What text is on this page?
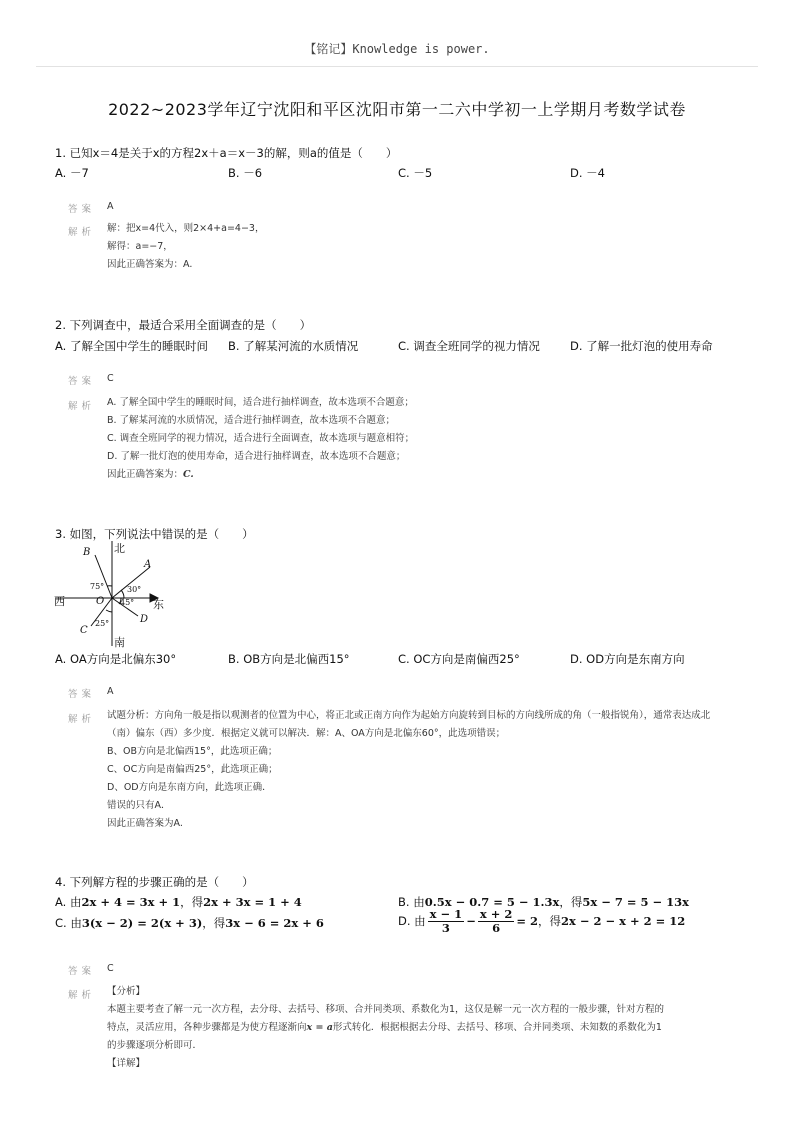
【铭记】Knowledge is power.
2022~2023学年辽宁沈阳和平区沈阳市第一二六中学初一上学期月考数学试卷
1. 已知x＝4是关于x的方程2x＋a＝x－3的解，则a的值是（　　）
A. －7	B. －6	C. －5	D. －4
答案 A
解析 解：把x=4代入，则2×4+a=4−3，
解得：a=−7，
因此正确答案为：A.
2. 下列调查中，最适合采用全面调查的是（　　）
A. 了解全国中学生的睡眠时间 B. 了解某河流的水质情况	C. 调查全班同学的视力情况	D. 了解一批灯泡的使用寿命
答案 C
解析 A. 了解全国中学生的睡眠时间，适合进行抽样调查，故本选项不合题意；
B. 了解某河流的水质情况，适合进行抽样调查，故本选项不合题意；
C. 调查全班同学的视力情况，适合进行全面调查，故本选项与题意相符；
D. 了解一批灯泡的使用寿命，适合进行抽样调查，故本选项不合题意；
因此正确答案为：C.
3. 如图，下列说法中错误的是（　　）
北
南
西	东
O
A
B
C
D
75°	30°
45°
25°
A. OA方向是北偏东30°	B. OB方向是北偏西15°	C. OC方向是南偏西25°	D. OD方向是东南方向
答案 A
解析 试题分析：方向角一般是指以观测者的位置为中心，将正北或正南方向作为起始方向旋转到目标的方向线所成的角（一般指锐角），通常表达成北（南）偏东（西）多少度．根据定义就可以解决．解：A、OA方向是北偏东60°，此选项错误；
B、OB方向是北偏西15°，此选项正确；
C、OC方向是南偏西25°，此选项正确；
D、OD方向是东南方向，此选项正确．
错误的只有A．
因此正确答案为A.
4. 下列解方程的步骤正确的是（　　）
A. 由2x + 4 = 3x + 1，得2x + 3x = 1 + 4	B. 由0.5x − 0.7 = 5 − 1.3x，得5x − 7 = 5 − 13x
C. 由3(x − 2) = 2(x + 3)，得3x − 6 = 2x + 6	D. 由 $\frac{x - 1}{3} - \frac{x + 2}{6} = 2$，得2x − 2 − x + 2 = 12
答案 C
解析 【分析】
本题主要考查了解一元一次方程，去分母、去括号、移项、合并同类项、系数化为1，这仅是解一元一次方程的一般步骤，针对方程的
特点，灵活应用，各种步骤都是为使方程逐渐向x = a形式转化．根据根据去分母、去括号、移项、合并同类项、未知数的系数化为1
的步骤逐项分析即可．
【详解】
